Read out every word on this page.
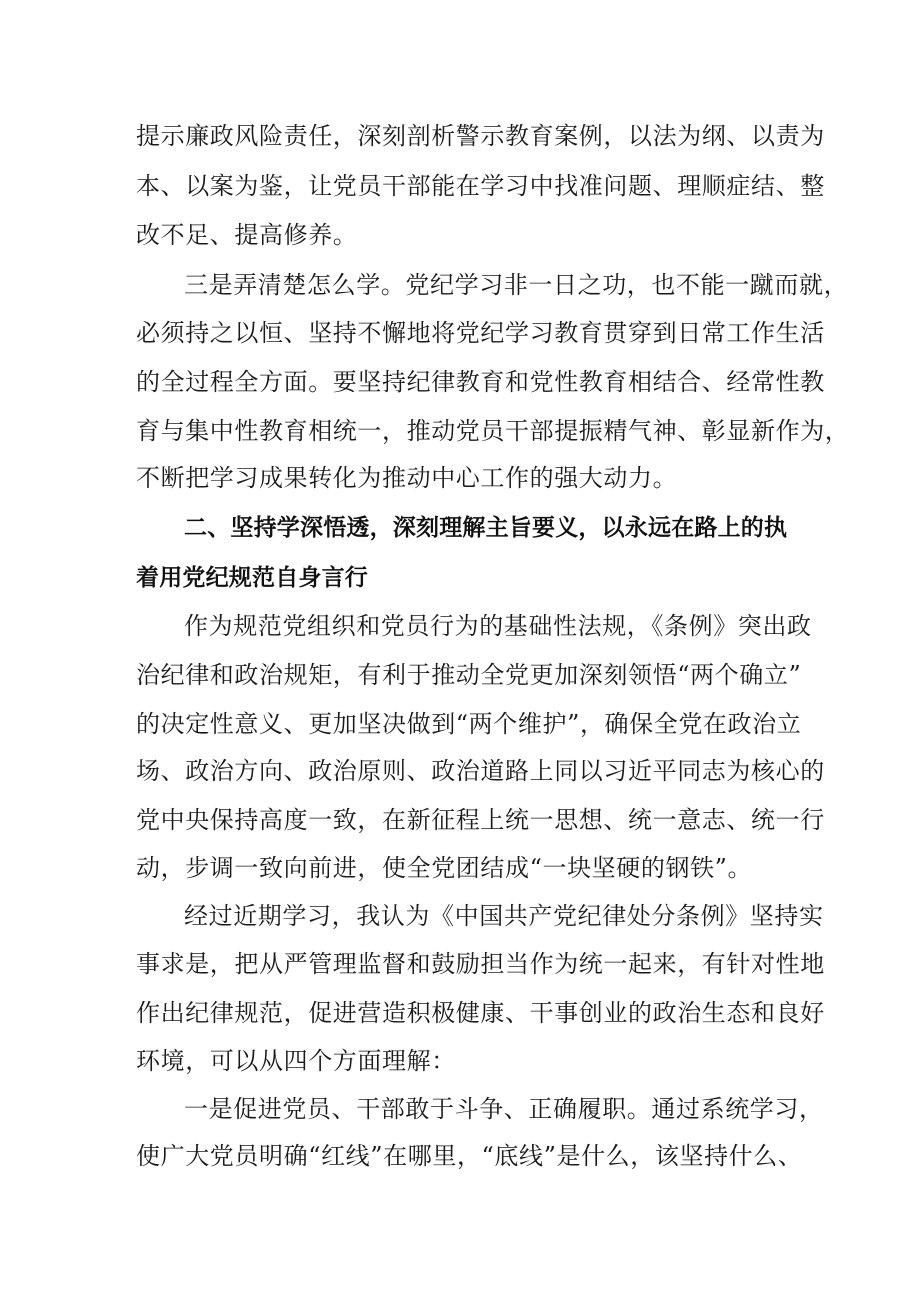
提示廉政风险责任，深刻剖析警示教育案例，以法为纲、以责为
本、以案为鉴，让党员干部能在学习中找准问题、理顺症结、整
改不足、提高修养。
三是弄清楚怎么学。党纪学习非一日之功，也不能一蹴而就，
必须持之以恒、坚持不懈地将党纪学习教育贯穿到日常工作生活
的全过程全方面。要坚持纪律教育和党性教育相结合、经常性教
育与集中性教育相统一，推动党员干部提振精气神、彰显新作为，
不断把学习成果转化为推动中心工作的强大动力。
二、坚持学深悟透，深刻理解主旨要义，以永远在路上的执
着用党纪规范自身言行
作为规范党组织和党员行为的基础性法规，《条例》突出政
治纪律和政治规矩，有利于推动全党更加深刻领悟“两个确立”
的决定性意义、更加坚决做到“两个维护”，确保全党在政治立
场、政治方向、政治原则、政治道路上同以习近平同志为核心的
党中央保持高度一致，在新征程上统一思想、统一意志、统一行
动，步调一致向前进，使全党团结成“一块坚硬的钢铁”。
经过近期学习，我认为《中国共产党纪律处分条例》坚持实
事求是，把从严管理监督和鼓励担当作为统一起来，有针对性地
作出纪律规范，促进营造积极健康、干事创业的政治生态和良好
环境，可以从四个方面理解：
一是促进党员、干部敢于斗争、正确履职。通过系统学习，
使广大党员明确“红线”在哪里，“底线”是什么，该坚持什么、
